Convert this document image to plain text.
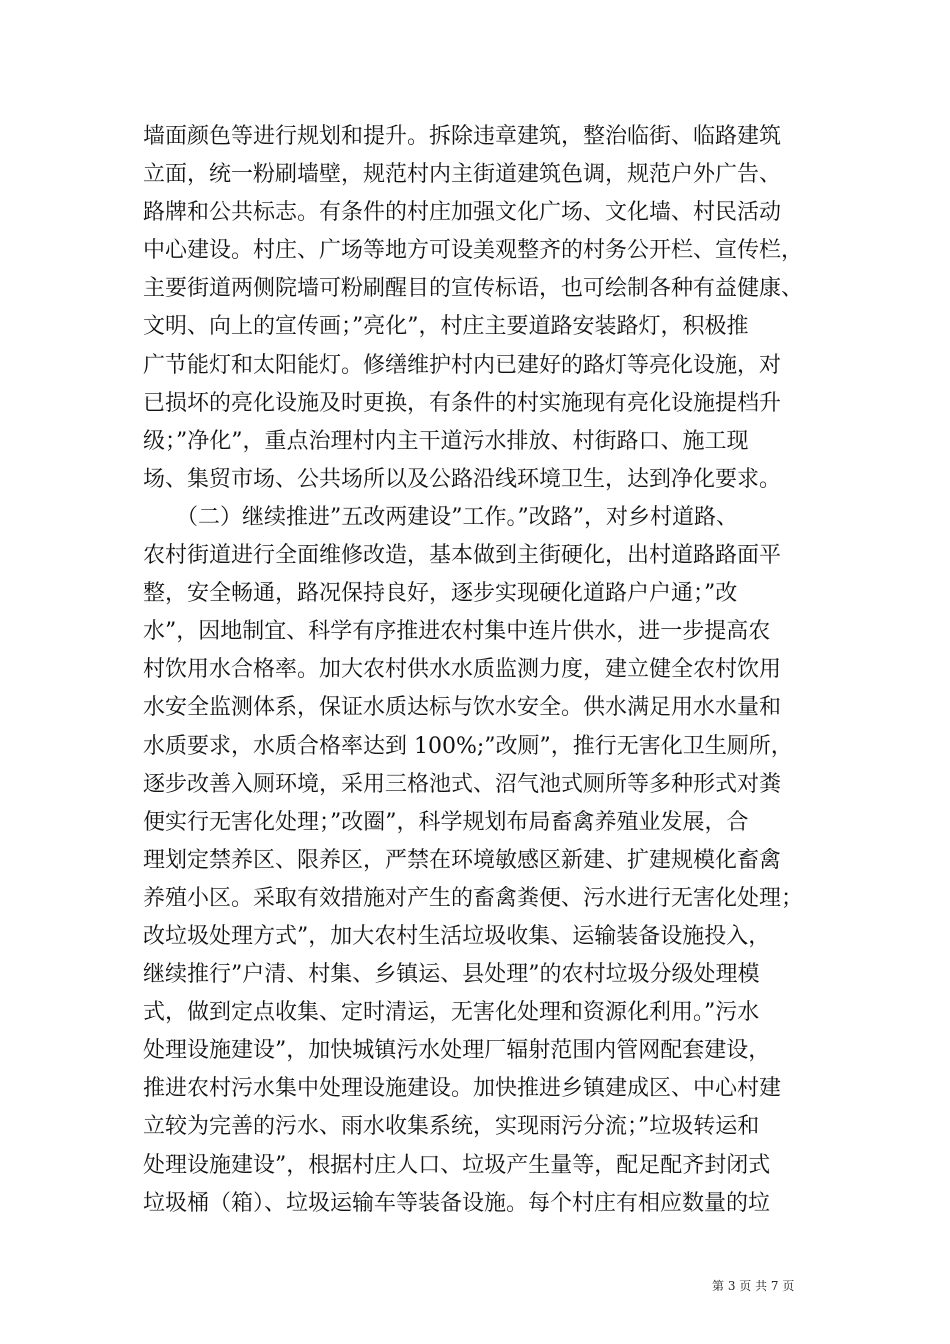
墙面颜色等进行规划和提升。拆除违章建筑，整治临街、临路建筑
立面，统一粉刷墙壁，规范村内主街道建筑色调，规范户外广告、
路牌和公共标志。有条件的村庄加强文化广场、文化墙、村民活动
中心建设。村庄、广场等地方可设美观整齐的村务公开栏、宣传栏，
主要街道两侧院墙可粉刷醒目的宣传标语，也可绘制各种有益健康、
文明、向上的宣传画；”亮化”，村庄主要道路安装路灯，积极推
广节能灯和太阳能灯。修缮维护村内已建好的路灯等亮化设施，对
已损坏的亮化设施及时更换，有条件的村实施现有亮化设施提档升
级；”净化”，重点治理村内主干道污水排放、村街路口、施工现
场、集贸市场、公共场所以及公路沿线环境卫生，达到净化要求。
　　（二）继续推进”五改两建设”工作。”改路”，对乡村道路、
农村街道进行全面维修改造，基本做到主街硬化，出村道路路面平
整，安全畅通，路况保持良好，逐步实现硬化道路户户通；”改
水”，因地制宜、科学有序推进农村集中连片供水，进一步提高农
村饮用水合格率。加大农村供水水质监测力度，建立健全农村饮用
水安全监测体系，保证水质达标与饮水安全。供水满足用水水量和
水质要求，水质合格率达到 100%;”改厕”，推行无害化卫生厕所，
逐步改善入厕环境，采用三格池式、沼气池式厕所等多种形式对粪
便实行无害化处理；”改圈”，科学规划布局畜禽养殖业发展，合
理划定禁养区、限养区，严禁在环境敏感区新建、扩建规模化畜禽
养殖小区。采取有效措施对产生的畜禽粪便、污水进行无害化处理；
改垃圾处理方式”，加大农村生活垃圾收集、运输装备设施投入，
继续推行”户清、村集、乡镇运、县处理”的农村垃圾分级处理模
式，做到定点收集、定时清运，无害化处理和资源化利用。”污水
处理设施建设”，加快城镇污水处理厂辐射范围内管网配套建设，
推进农村污水集中处理设施建设。加快推进乡镇建成区、中心村建
立较为完善的污水、雨水收集系统，实现雨污分流；”垃圾转运和
处理设施建设”，根据村庄人口、垃圾产生量等，配足配齐封闭式
垃圾桶（箱）、垃圾运输车等装备设施。每个村庄有相应数量的垃
第 3 页 共 7 页
